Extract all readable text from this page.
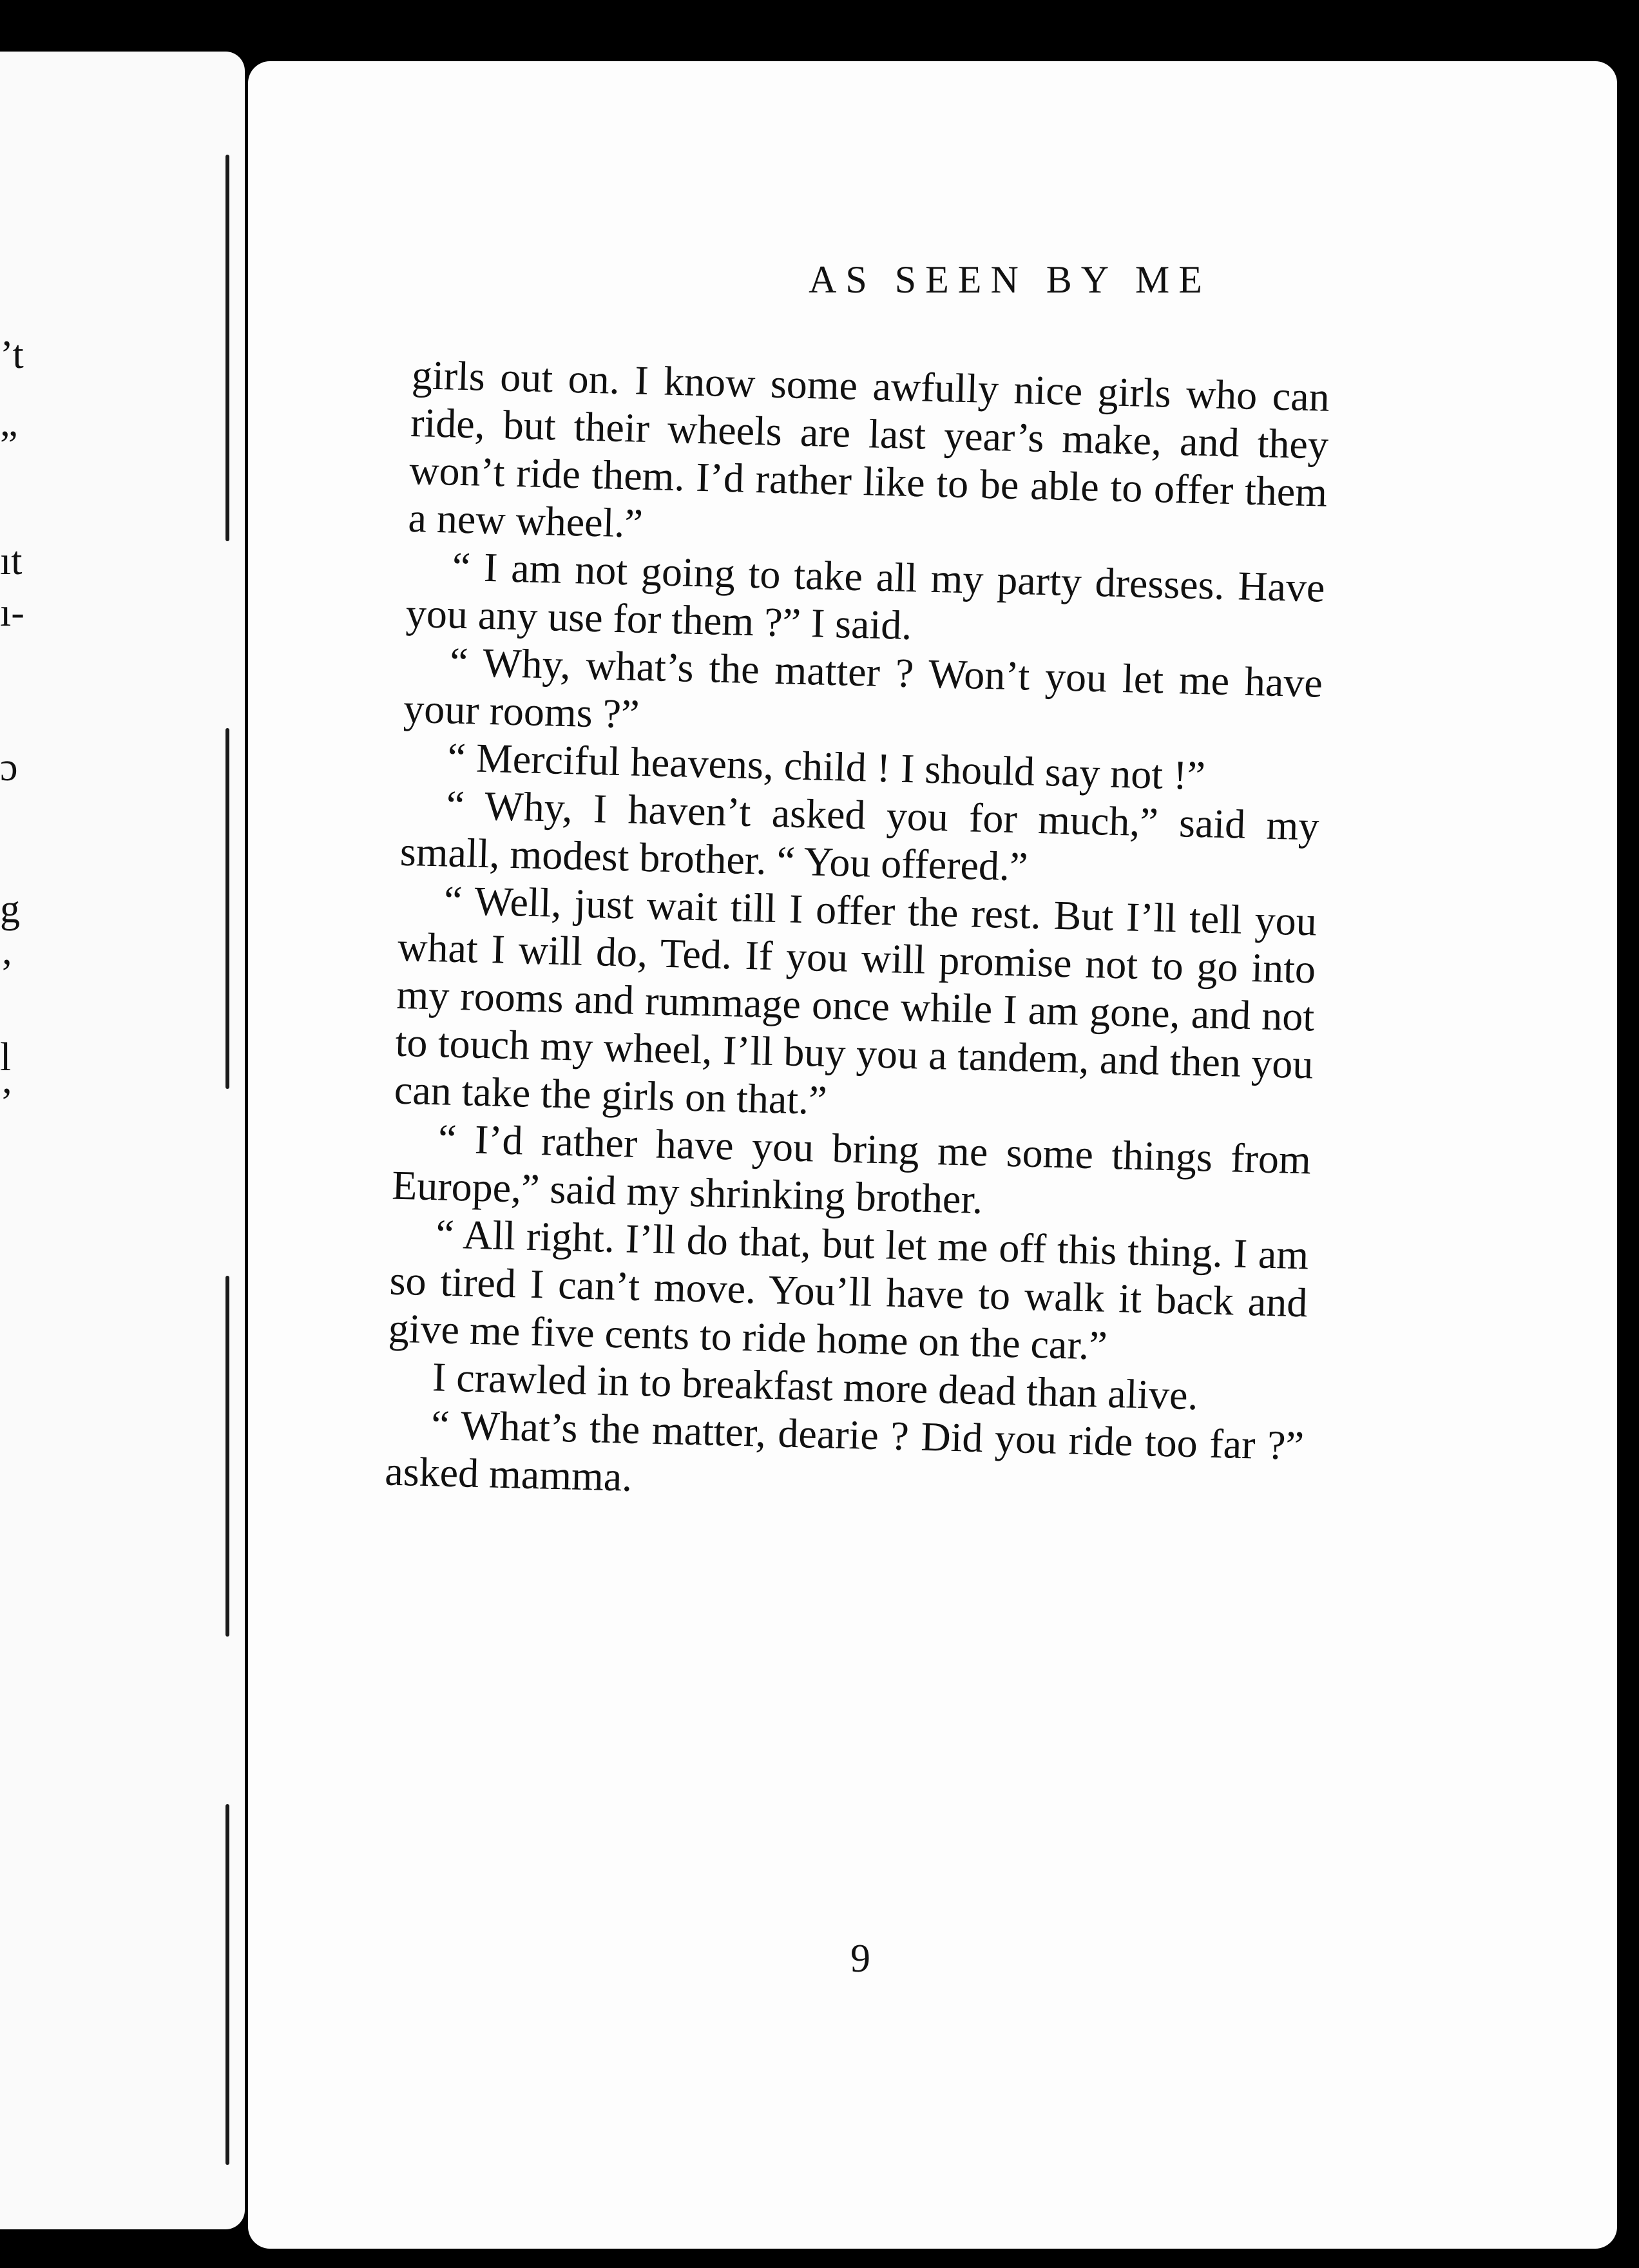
’t
”
ıt
ı-
ɔ
g
’
l
’
AS SEEN BY ME

girls out on. I know some awfully nice girls who can ride, but their wheels are last year’s make, and they won’t ride them. I’d rather like to be able to offer them a new wheel.”

“ I am not going to take all my party dresses. Have you any use for them ?” I said.

“ Why, what’s the matter ? Won’t you let me have your rooms ?”

“ Merciful heavens, child ! I should say not !”

“ Why, I haven’t asked you for much,” said my small, modest brother. “ You offered.”

“ Well, just wait till I offer the rest. But I’ll tell you what I will do, Ted. If you will promise not to go into my rooms and rummage once while I am gone, and not to touch my wheel, I’ll buy you a tandem, and then you can take the girls on that.”

“ I’d rather have you bring me some things from Europe,” said my shrinking brother.

“ All right. I’ll do that, but let me off this thing. I am so tired I can’t move. You’ll have to walk it back and give me five cents to ride home on the car.”

I crawled in to breakfast more dead than alive.

“ What’s the matter, dearie ? Did you ride too far ?” asked mamma.

9
